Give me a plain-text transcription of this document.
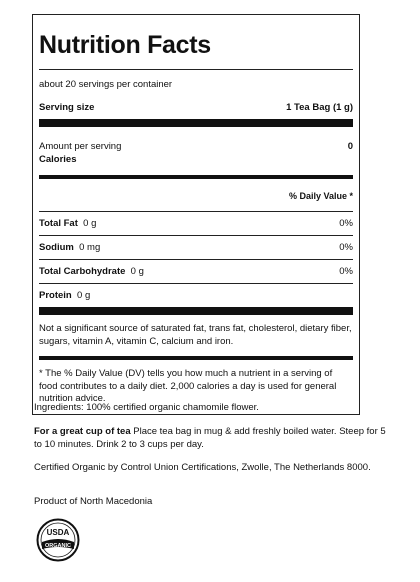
Nutrition Facts
about 20 servings per container
Serving size	1 Tea Bag (1 g)
Amount per serving	0
Calories
% Daily Value *
Total Fat 0 g	0%
Sodium 0 mg	0%
Total Carbohydrate 0 g	0%
Protein 0 g
Not a significant source of saturated fat, trans fat, cholesterol, dietary fiber, sugars, vitamin A, vitamin C, calcium and iron.
* The % Daily Value (DV) tells you how much a nutrient in a serving of food contributes to a daily diet. 2,000 calories a day is used for general nutrition advice.

Ingredients: 100% certified organic chamomile flower.

For a great cup of tea Place tea bag in mug & add freshly boiled water. Steep for 5 to 10 minutes. Drink 2 to 3 cups per day.

Certified Organic by Control Union Certifications, Zwolle, The Netherlands 8000.

Product of North Macedonia

USDA
ORGANIC
